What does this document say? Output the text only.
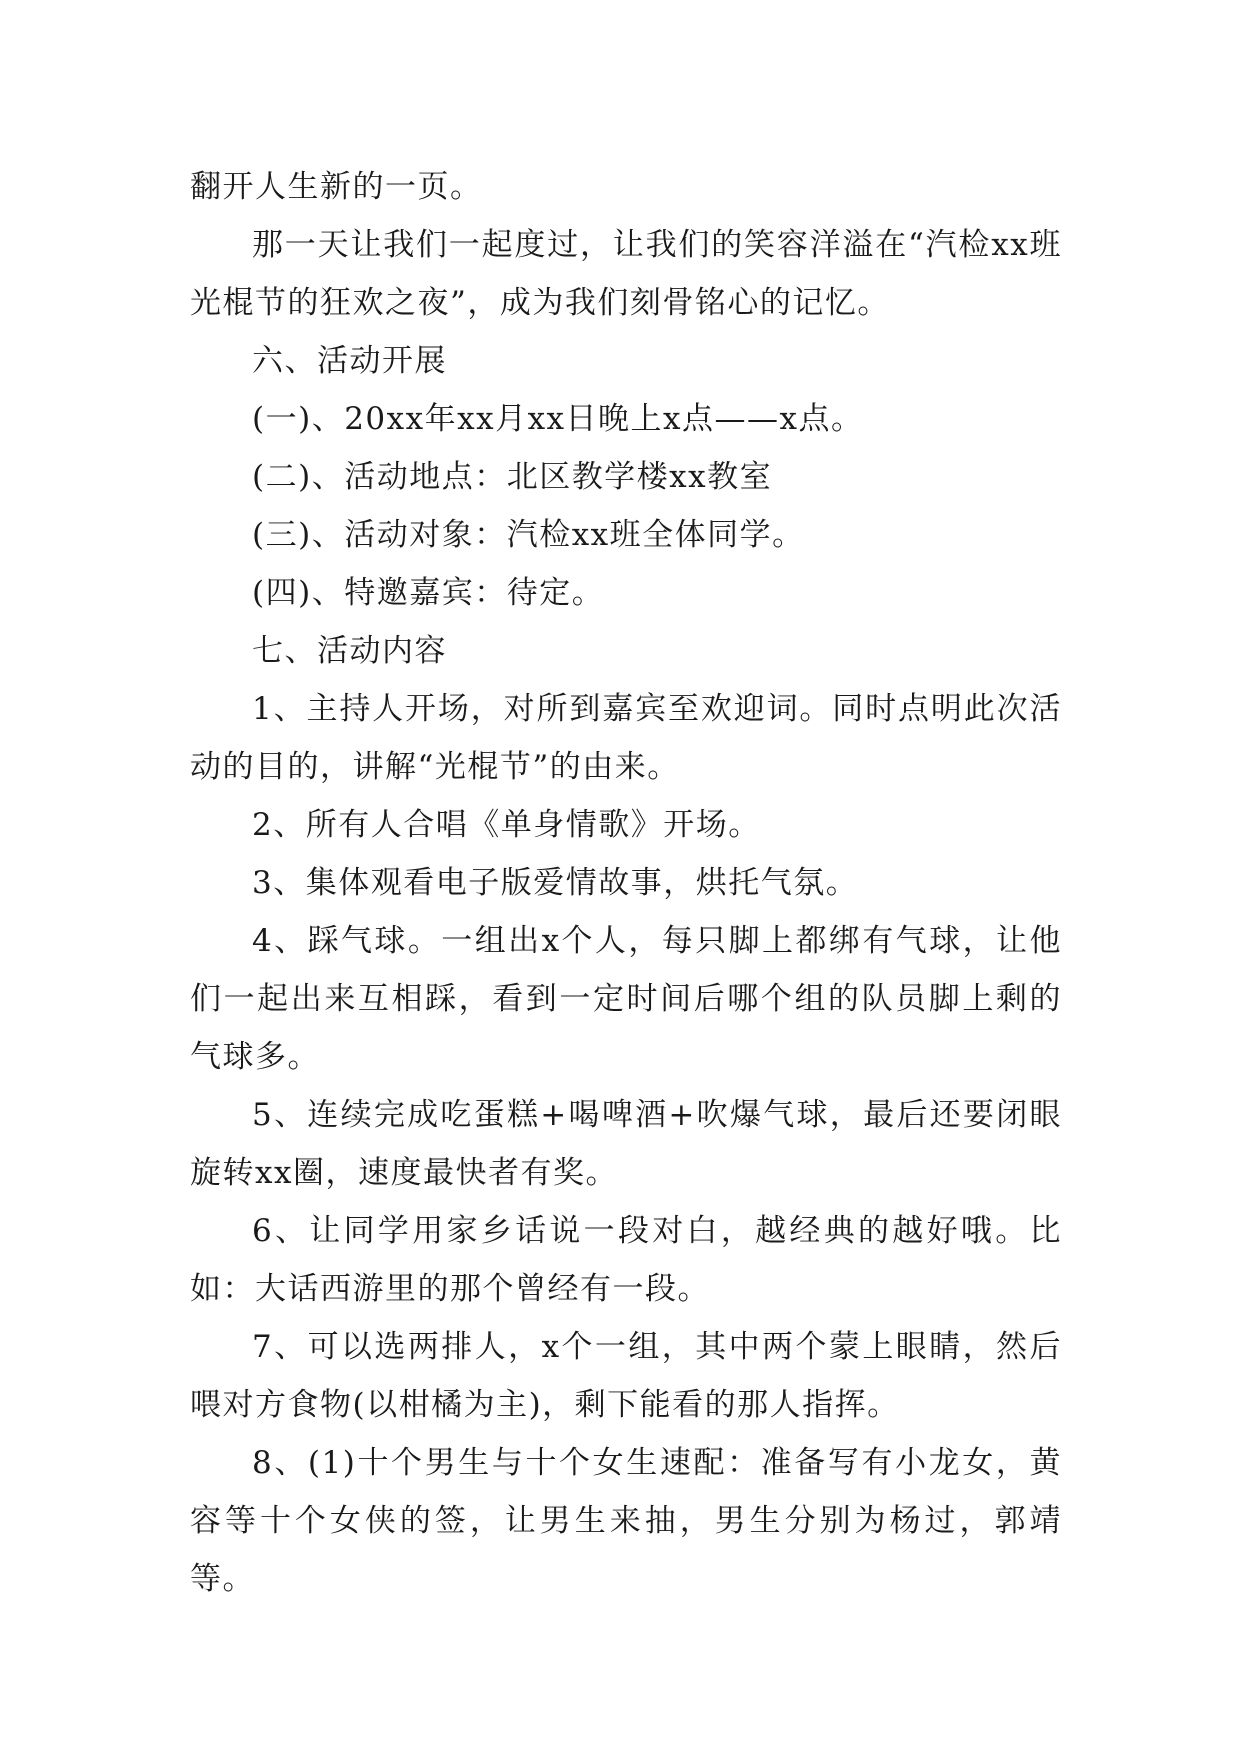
翻开人生新的一页。

那一天让我们一起度过，让我们的笑容洋溢在“汽检xx班光棍节的狂欢之夜”，成为我们刻骨铭心的记忆。

六、活动开展

(一)、20xx年xx月xx日晚上x点——x点。

(二)、活动地点：北区教学楼xx教室

(三)、活动对象：汽检xx班全体同学。

(四)、特邀嘉宾：待定。

七、活动内容

1、主持人开场，对所到嘉宾至欢迎词。同时点明此次活动的目的，讲解“光棍节”的由来。

2、所有人合唱《单身情歌》开场。

3、集体观看电子版爱情故事，烘托气氛。

4、踩气球。一组出x个人，每只脚上都绑有气球，让他们一起出来互相踩，看到一定时间后哪个组的队员脚上剩的气球多。

5、连续完成吃蛋糕+喝啤酒+吹爆气球，最后还要闭眼旋转xx圈，速度最快者有奖。

6、让同学用家乡话说一段对白，越经典的越好哦。比如：大话西游里的那个曾经有一段。

7、可以选两排人，x个一组，其中两个蒙上眼睛，然后喂对方食物(以柑橘为主)，剩下能看的那人指挥。

8、(1)十个男生与十个女生速配：准备写有小龙女，黄容等十个女侠的签，让男生来抽，男生分别为杨过，郭靖等。
